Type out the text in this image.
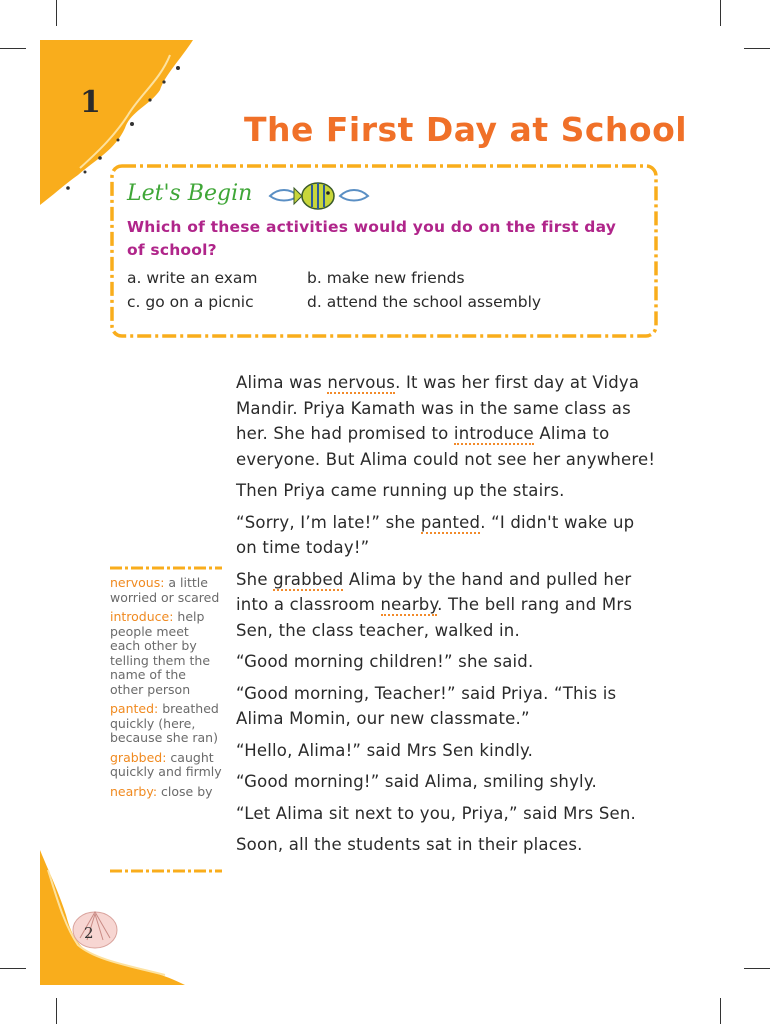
1
The First Day at School
Let's Begin
Which of these activities would you do on the first day of school?
a. write an exam	b. make new friends
c. go on a picnic	d. attend the school assembly

Alima was nervous. It was her first day at Vidya Mandir. Priya Kamath was in the same class as her. She had promised to introduce Alima to everyone. But Alima could not see her anywhere!

Then Priya came running up the stairs.

“Sorry, I’m late!” she panted. “I didn't wake up on time today!”

She grabbed Alima by the hand and pulled her into a classroom nearby. The bell rang and Mrs Sen, the class teacher, walked in.

“Good morning children!” she said.

“Good morning, Teacher!” said Priya. “This is Alima Momin, our new classmate.”

“Hello, Alima!” said Mrs Sen kindly.

“Good morning!” said Alima, smiling shyly.

“Let Alima sit next to you, Priya,” said Mrs Sen.

Soon, all the students sat in their places.

nervous: a little worried or scared
introduce: help people meet each other by telling them the name of the other person
panted: breathed quickly (here, because she ran)
grabbed: caught quickly and firmly
nearby: close by
2
